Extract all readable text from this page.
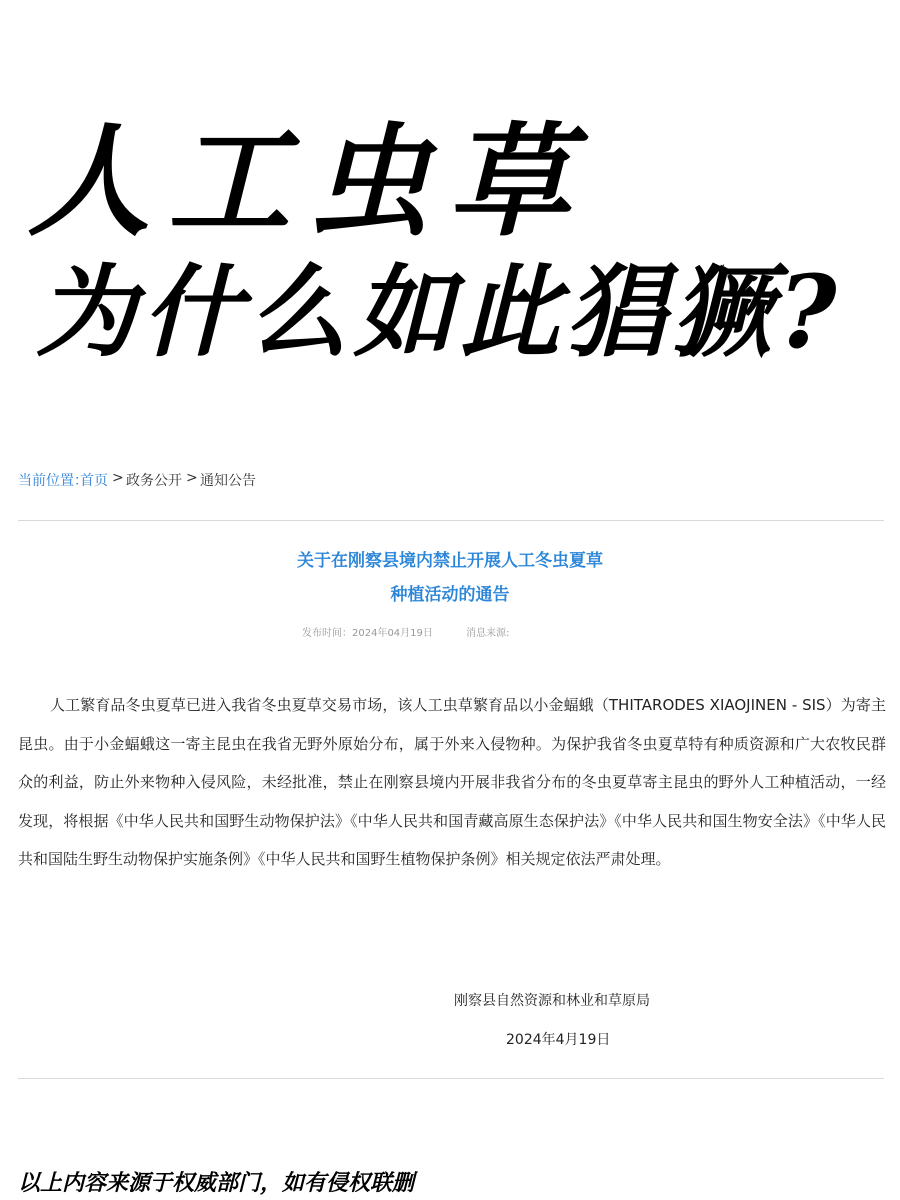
人工虫草
为什么如此猖獗?
当前位置：
首页 > 政务公开 > 通知公告
关于在刚察县境内禁止开展人工冬虫夏草
种植活动的通告
发布时间：2024年04月19日	消息来源:
人工繁育品冬虫夏草已进入我省冬虫夏草交易市场，该人工虫草繁育品以小金蝠蛾（THITARODES XIAOJINEN - SIS）为寄主昆虫。由于小金蝠蛾这一寄主昆虫在我省无野外原始分布，属于外来入侵物种。为保护我省冬虫夏草特有种质资源和广大农牧民群众的利益，防止外来物种入侵风险，未经批准，禁止在刚察县境内开展非我省分布的冬虫夏草寄主昆虫的野外人工种植活动，一经发现，将根据《中华人民共和国野生动物保护法》《中华人民共和国青藏高原生态保护法》《中华人民共和国生物安全法》《中华人民共和国陆生野生动物保护实施条例》《中华人民共和国野生植物保护条例》相关规定依法严肃处理。
刚察县自然资源和林业和草原局
2024年4月19日
以上内容来源于权威部门，如有侵权联删
